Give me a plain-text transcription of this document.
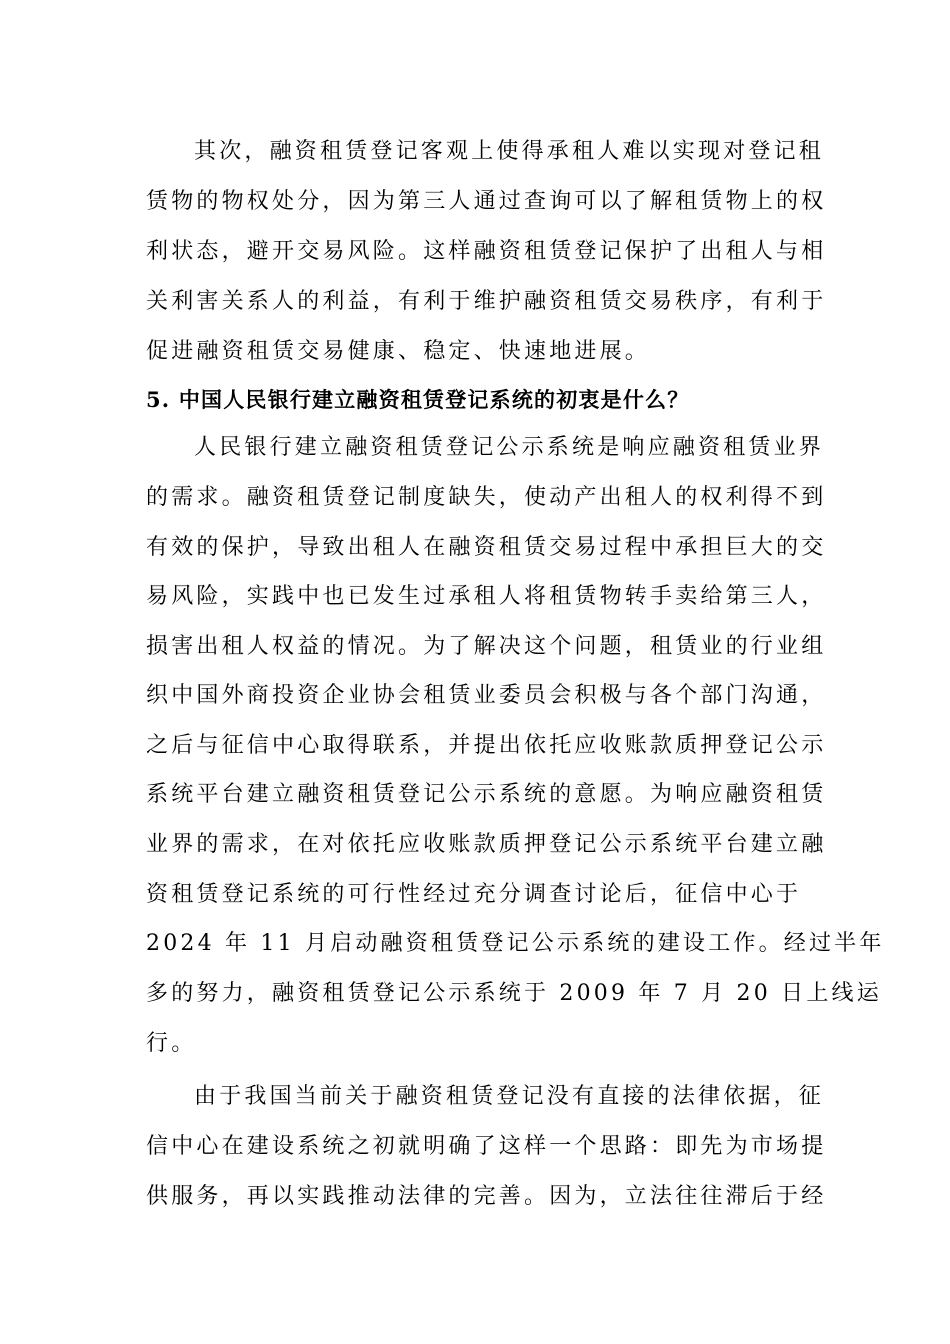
其次，融资租赁登记客观上使得承租人难以实现对登记租
赁物的物权处分，因为第三人通过查询可以了解租赁物上的权
利状态，避开交易风险。这样融资租赁登记保护了出租人与相
关利害关系人的利益，有利于维护融资租赁交易秩序，有利于
促进融资租赁交易健康、稳定、快速地进展。
5. 中国人民银行建立融资租赁登记系统的初衷是什么？
人民银行建立融资租赁登记公示系统是响应融资租赁业界
的需求。融资租赁登记制度缺失，使动产出租人的权利得不到
有效的保护，导致出租人在融资租赁交易过程中承担巨大的交
易风险，实践中也已发生过承租人将租赁物转手卖给第三人，
损害出租人权益的情况。为了解决这个问题，租赁业的行业组
织中国外商投资企业协会租赁业委员会积极与各个部门沟通，
之后与征信中心取得联系，并提出依托应收账款质押登记公示
系统平台建立融资租赁登记公示系统的意愿。为响应融资租赁
业界的需求，在对依托应收账款质押登记公示系统平台建立融
资租赁登记系统的可行性经过充分调查讨论后，征信中心于
2024 年 11 月启动融资租赁登记公示系统的建设工作。经过半年
多的努力，融资租赁登记公示系统于 2009 年 7 月 20 日上线运
行。
由于我国当前关于融资租赁登记没有直接的法律依据，征
信中心在建设系统之初就明确了这样一个思路：即先为市场提
供服务，再以实践推动法律的完善。因为，立法往往滞后于经
